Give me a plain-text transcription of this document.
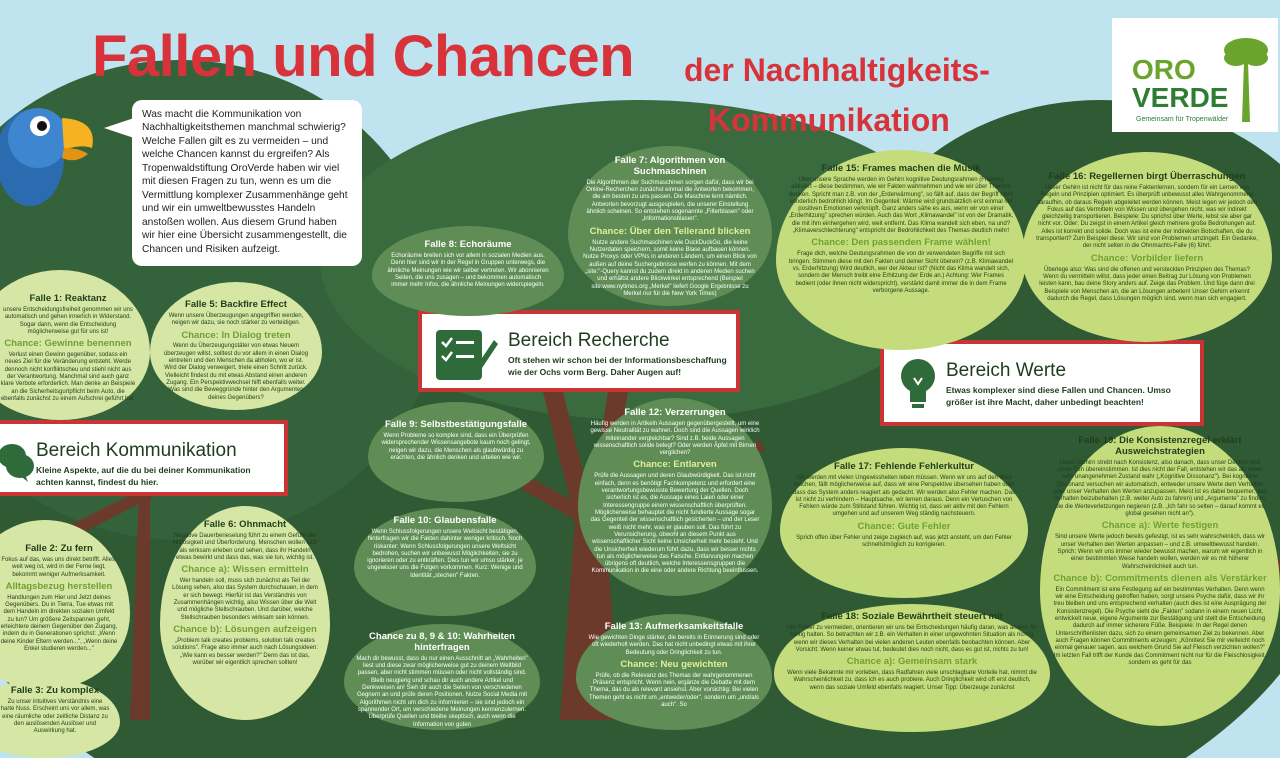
Fallen und Chancen der Nachhaltigkeits-
Kommunikation
ORO
VERDE
Gemeinsam für Tropenwälder
Was macht die Kommunikation von Nachhaltigkeitsthemen manchmal schwierig? Welche Fallen gilt es zu vermeiden – und welche Chancen kannst du ergreifen? Als Tropenwaldstiftung OroVerde haben wir viel mit diesen Fragen zu tun, wenn es um die Vermittlung komplexer Zusammenhänge geht und wir ein umweltbewusstes Handeln anstoßen wollen. Aus diesem Grund haben wir hier eine Übersicht zusammengestellt, die Chancen und Risiken aufzeigt.
Bereich Kommunikation
Kleine Aspekte, auf die du bei deiner Kommunikation achten kannst, findest du hier.
Bereich Recherche
Oft stehen wir schon bei der Informationsbeschaffung wie der Ochs vorm Berg. Daher Augen auf!	Bereich Werte
Etwas komplexer sind diese Fallen und Chancen. Umso größer ist ihre Macht, daher unbedingt beachten!
Falle 1: Reaktanz
unsere Entscheidungsfreiheit genommen wir uns automatisch und gehen innerlich in Widerstand. Sogar dann, wenn die Entscheidung möglicherweise gut für uns ist!
Chance: Gewinne benennen
Verlust einen Gewinn gegenüber, sodass ein neues Ziel für die Veränderung entsteht. Werde dennoch nicht konfliktscheu und stiehl nicht aus der Verantwortung. Manchmal sind auch ganz klare Verbote erforderlich. Man denke an Beispiele an die Sicherheitsgurtpflicht beim Auto, die ebenfalls zunächst zu einem Aufschrei geführt hat.
Falle 5: Backfire Effect
Wenn unsere Überzeugungen angegriffen werden, neigen wir dazu, sie noch stärker zu verteidigen.
Chance: In Dialog treten
Wenn du Überzeugungstäter von etwas Neuem überzeugen willst, solltest du vor allem in einen Dialog eintreten und den Menschen da abholen, wo er ist. Wird der Dialog verweigert, triete einen Schritt zurück. Vielleicht findest du mit etwas Abstand einen anderen Zugang. Ein Perspektivwechsel hilft ebenfalls weiter. Was sind die Beweggründe hinter den Argumenten deines Gegenübers?
Falle 2: Zu fern
Fokus auf das, was uns direkt betrifft. Alles, weit weg ist, wird in der Ferne liegt, bekommt weniger Aufmerksamkeit.
Alltagsbezug herstellen
Handlungen zum Hier und Jetzt deines Gegenübers. Du in Tierra, Tue etwas mit dem Handeln im direkten sozialen Umfeld zu tun? Um größere Zeitspannen geht, erleichtere deinem Gegenüber den Zugang, indem du in Generationen sprichst: „Wenn deine Kinder Eltern werden...", „Wenn deine Enkel studieren werden..."
Falle 3: Zu komplex
Zu unser intuitives Verständnis eine harte Nuss. Erscheint uns vor allem, was eine räumliche oder zeitliche Distanz zu den auslösenden Auslöser und Auswirkung hat.
Falle 6: Ohnmacht
Negative Dauerberieselung führt zu einem Gefühl der Hilflosigkeit und Überforderung. Menschen wollen sich als wirksam erleben und sehen, dass ihr Handeln etwas bewirkt und dass das, was sie tun, wichtig ist.
Chance a): Wissen ermitteln
Wer handeln soll, muss sich zunächst als Teil der Lösung sehen, also das System durchschauen, in dem er sich bewegt. Hierfür ist das Verständnis von Zusammenhängen wichtig, also Wissen über die Welt und mögliche Stellschrauben. Und darüber, welche Stellschrauben besonders wirksam sein können.
Chance b): Lösungen aufzeigen
„Problem talk creates problems, solution talk creates solutions". Frage also immer auch nach Lösungsideen: „Wie kann es besser werden?" Denn das ist das, worüber wir eigentlich sprechen sollten!
Falle 7: Algorithmen von Suchmaschinen
Die Algorithmen der Suchmaschinen sorgen dafür, dass wir bei Online-Recherchen zunächst einmal die Antworten bekommen, die am besten zu uns passen. Die Maschine lernt nämlich. Antworten bevorzugt ausgespielen, die unserer Einstellung ähnlich scheinen. So entstehen sogenannte „Filterblasen" oder „Informationsblasen".
Chance: Über den Tellerand blicken
Nutze andere Suchmaschinen wie DuckDuckGo, die keine Nutzerdaten speichern, somit keine Blase aufbauen können. Nutze Proxys oder VPNs in anderen Ländern, um einen Blick von außen auf deine Suchergebnisse werfen zu können. Mit dem „site:"-Query kannst du zudem direkt in anderen Medien suchen und erhältst andere Blickwinkel entsprechend (Beispiel site:www.nytimes.org „Merkel" liefert Google Ergebnisse zu Merkel nur für die New York Times)
Falle 8: Echoräume
Echoräume breiten sich vor allem in sozialen Medien aus. Denn hier sind wir in der Regel in Gruppen unterwegs, die ähnliche Meinungen wie wir selber vertreten. Wir abonnieren Seiten, die uns zusagen – und bekommen automatisch immer mehr Infos, die ähnliche Meinungen widerspiegeln.
Falle 9: Selbstbestätigungsfalle
Wenn Probleme so komplex sind, dass ein Überprüfen widersprechender Wissensangebote kaum noch gelingt, neigen wir dazu, die Menschen als glaubwürdig zu erachten, die ähnlich denken und urteilen wie wir.
Falle 10: Glaubensfalle
Wenn Schlussfolgerungen unsere Weltsicht bestätigen, hinterfragen wir die Fakten dahinter weniger kritisch. Noch riskanter: Wenn Schlussfolgerungen unsere Weltsicht bedrohen, suchen wir unbewusst Möglichkeiten, sie zu ignorieren oder zu entkräften. Dies tun wir umso stärker, je ungewisser uns die Folgen vorkommen. Kurz: Wenige und Identität „stechen" Fakten.
Falle 12: Verzerrungen
Häufig werden in Artikeln Aussagen gegenübergestellt, um eine gewisse Neutralität zu wahren. Doch sind die Aussagen wirklich miteinander vergleichbar? Sind z.B. beide Aussagen wissenschaftlich solide belegt? Oder werden Äpfel mit Birnen verglichen?
Chance: Entlarven
Prüfe die Aussagen und deren Glaubwürdigkeit. Das ist nicht einfach, denn es benötigt Fachkompetenz und erfordert eine verantwortungsbewusste Bewertung der Quellen. Doch sicherlich ist es, die Aussage eines Laien oder einer Interessengruppe einem wissenschaftlich überprüften. Möglicherweise behauptet die nicht fundierte Aussage sogar das Gegenteil der wissenschaftlich gesicherten – und der Leser weiß nicht mehr, was er glauben soll. Das führt zu Verunsicherung, obwohl an diesem Punkt aus wissenschaftlicher Sicht keine Unsicherheit mehr besteht. Und die Unsicherheit wiederum führt dazu, dass wir besser nichts tun als möglicherweise das Falsche. Entlarvungen machen übrigens oft deutlich, welche Interessensgruppen die Kommunikation in die eine oder andere Richtung beeinflussen.
Chance zu 8, 9 & 10: Wahrheiten hinterfragen
Mach dir bewusst, dass du nur einen Ausschnitt an „Wahrheiten" liest und diese zwar möglicherweise gut zu deinem Weltbild passen, aber nicht stimmen müssen oder nicht vollständig sind. Bleib neugierig und schau dir auch andere Artikel und Denkweisen an! Sieh dir auch die Seiten von verschiedenen Gegnern an und prüfe deren Positionen. Nutze Social Media mit Algorithmen nicht um dich zu informieren – sie sind jedoch ein spannender Ort, um verschiedene Meinungen kennenzulernen. Überprüfe Quellen und bleibe skeptisch, auch wenn die Information von guten
Falle 13: Aufmerksamkeitsfalle
Wie gewichten Dinge stärker, die bereits in Erinnerung sind oder oft wiederholt werden. Das hat nicht unbedingt etwas mit ihrer Bedeutung oder Dringlichkeit zu tun.
Chance: Neu gewichten
Prüfe, ob die Relevanz des Themas der wahrgenommenen Präsenz entspricht. Wenn nein, ergänze die Debatte mit dem Thema, das du als relevant ansiehst. Aber vorsichtig: Bei vielen Themen geht es nicht um „entweder/oder", sondern um „und/als auch". So
Falle 15: Frames machen die Musik
Über unsere Sprache werden im Gehirn kognitive Deutungsrahmen (Frames) aktiviert – diese bestimmen, wie wir Fakten wahrnehmen und wie wir über Themen denken. Spricht man z.B. von der „Erderwärmung", so fällt auf, dass der Begriff nicht sonderlich bedrohlich klingt. Im Gegenteil: Wärme wird grundsätzlich erst einmal mit positiven Emotionen verknüpft. Ganz anders sähe es aus, wenn wir von einer „Erderhitzung" sprechen würden. Auch das Wort „Klimawandel" ist von der Dramatik, die mit ihm einhergehen wird, weit entfernt. Das Klima wandelt sich eben, na und? „Klimaverschlechterung" entspricht der Bedrohlichkeit des Themas deutlich mehr!
Chance: Den passenden Frame wählen!
Frage dich, welche Deutungsrahmen die von dir verwendeten Begriffe mit sich bringen. Stimmen diese mit den Fakten und deiner Sicht überein? (z.B. Klimawandel vs. Erderhitzung) Wird deutlich, wer der Akteur ist? (Nicht das Klima wandelt sich, sondern der Mensch treibt eine Erhitzung der Erde an.) Achtung: Wer Frames bedient (oder ihnen nicht widerspricht), verstärkt damit immer die in dem Frame verborgene Aussage.
Falle 16: Regellernen birgt Überraschungen
Unser Gehirn ist nicht für das reine Faktenlernen, sondern für ein Lernen von Regeln und Prinzipien optimiert. Es überprüft unbewusst alles Wahrgenommene daraufhin, ob daraus Regeln abgeleitet werden können. Meist legen wir jedoch den Fokus auf das Vermitteln von Wissen und übergehen nicht, was wir indirekt gleichzeitig transportieren. Beispiele: Du sprichst über Werte, lebst sie aber gar nicht vor. Oder: Du zeigst in einem Artikel gleich mehrere große Bedrohungen auf. Alles ist korrekt und solide. Doch was ist eine der indirekten Botschaften, die du transportiert? Zum Beispiel diese: Wir sind von Problemen umzingelt. Ein Gedanke, der nicht selten in die Ohnmachts-Falle (6) führt.
Chance: Vorbilder liefern
Überlege also: Was sind die offenen und versteckten Prinzipien des Themas? Wenn du vermitteln willst, dass jeder einen Beitrag zur Lösung von Problemen leisten kann, bau deine Story anders auf. Zeige das Problem. Und füge dann drei Beispiele von Menschen an, die an Lösungen arbeiten! Unser Gehirn erkennt dadurch die Regel, dass Lösungen möglich sind, wenn man sich engagiert.
Falle 17: Fehlende Fehlerkultur
Wir werden mit vielen Ungewissheiten leben müssen. Wenn wir uns auf den Weg machen, fällt möglicherweise auf, dass wir eine Perspektive übersehen haben oder dass das System anders reagiert als gedacht. Wir werden also Fehler machen. Das ist nicht zu verhindern – Hauptsache, wir lernen daraus. Denn ein Vertuschen von Fehlern würde zum Stillstand führen. Wichtig ist, dass wir aktiv mit den Fehlern umgehen und auf unserem Weg ständig nachsteuern.
Chance: Gute Fehler
Sprich offen über Fehler und zeige zugleich auf, was jetzt ansteht, um den Fehler schnellstmöglich zu korrigieren.
Falle 18: Soziale Bewährtheit steuert mit
Um Fehler zu vermeiden, orientieren wir uns bei Entscheidungen häufig daran, was andere für richtig halten. So betrachten wir z.B. ein Verhalten in einer ungewohnten Situation als richtig, wenn wir dieses Verhalten bei vielen anderen Leuten ebenfalls beobachten können. Aber Vorsicht: Wenn keiner etwas tut, bedeutet dies noch nicht, dass es gut ist, nichts zu tun!
Chance a): Gemeinsam stark
Wenn viele Bekannte mir vorleben, dass Radfahren viele unschlagbare Vorteile hat, nimmt die Wahrscheinlichkeit zu, dass ich es auch probiere. Auch Dringlichkeit wird oft erst deutlich, wenn das soziale Umfeld ebenfalls reagiert. Unser Tipp: Überzeuge zunächst
Falle 19: Die Konsistenzregel erklärt Ausweichstrategien
Unser Gehirn strebt nach Konsistenz, also danach, dass unser Denken und unser Tun übereinstimmen. Ist dies nicht der Fall, entstehen wir das als einen sehr unangenehmen Zustand wahr („Kognitive Dissonanz"). Bei kognitiver Dissonanz versuchen wir automatisch, entweder unsere Werte dem Verhalten oder unser Verhalten den Werten anzupassen. Meist ist es dabei bequemer, das Verhalten beizubehalten (z.B. weiter Auto zu fahren) und „Argumente" zu finden, die die Werteverletzungen negieren (z.B. „Ich fahr so selten – darauf kommt es global gesehen nicht an").
Chance a): Werte festigen
Sind unsere Werte jedoch bereits gefestigt, ist es sehr wahrscheinlich, dass wir unser Verhalten den Werten anpassen – und z.B. umweltbewusst handeln. Sprich: Wenn wir uns immer wieder bewusst machen, warum wir eigentlich in einer bestimmten Weise handeln wollen, werden wir es mit höherer Wahrscheinlichkeit auch tun.
Chance b): Commitments dienen als Verstärker
Ein Commitment ist eine Festlegung auf ein bestimmtes Verhalten. Denn wenn wir eine Entscheidung getroffen haben, sorgt unsere Psyche dafür, dass wir ihr treu bleiben und uns entsprechend verhalten (auch dies ist eine Ausprägung der Konsistenzregel). Die Psyche sieht die „Fakten" sodann in einem neuen Licht, entwickelt neue, eigene Argumente zur Bestätigung und stellt die Entscheidung dadurch auf immer sicherere Füße. Beispiele: In der Regel denen Unterschriftenlisten dazu, sich zu einem gemeinsamen Ziel zu bekennen. Aber auch Fragen können Commitments erzeugen: „Könntest Sie mir vielleicht noch einmal genauer sagen, aus welchem Grund Sie auf Fleisch verzichten wollen?" Im letzten Fall trifft der Kunde das Commitment nicht nur für die Fleischlosigkeit, sondern es geht für das
